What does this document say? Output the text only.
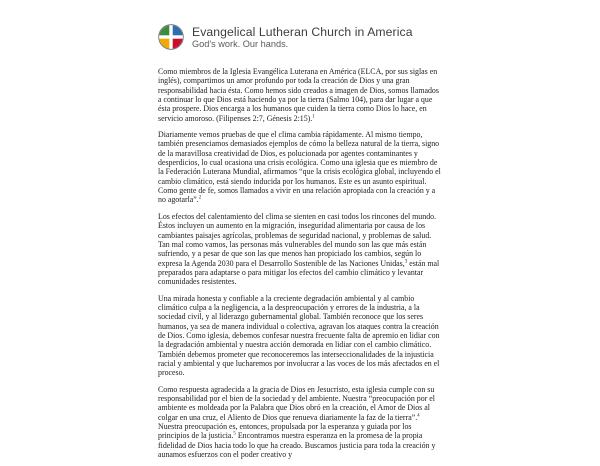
Evangelical Lutheran Church in America
God's work. Our hands.

Como miembros de la Iglesia Evangélica Luterana en América (ELCA, por sus siglas en inglés), compartimos un amor profundo por toda la creación de Dios y una gran responsabilidad hacia ésta. Como hemos sido creados a imagen de Dios, somos llamados a continuar lo que Dios está haciendo ya por la tierra (Salmo 104), para dar lugar a que ésta prospere. Dios encarga a los humanos que cuiden la tierra como Dios lo hace, en servicio amoroso. (Filipenses 2:7, Génesis 2:15).$^1$

Diariamente vemos pruebas de que el clima cambia rápidamente. Al mismo tiempo, también presenciamos demasiados ejemplos de cómo la belleza natural de la tierra, signo de la maravillosa creatividad de Dios, es polucionada por agentes contaminantes y desperdicios, lo cual ocasiona una crisis ecológica. Como una iglesia que es miembro de la Federación Luterana Mundial, afirmamos “que la crisis ecológica global, incluyendo el cambio climático, está siendo inducida por los humanos. Este es un asunto espiritual. Como gente de fe, somos llamados a vivir en una relación apropiada con la creación y a no agotarla”.$^2$

Los efectos del calentamiento del clima se sienten en casi todos los rincones del mundo. Éstos incluyen un aumento en la migración, inseguridad alimentaria por causa de los cambiantes paisajes agrícolas, problemas de seguridad nacional, y problemas de salud. Tan mal como vamos, las personas más vulnerables del mundo son las que más están sufriendo, y a pesar de que son las que menos han propiciado los cambios, según lo expresa la Agenda 2030 para el Desarrollo Sostenible de las Naciones Unidas,$^3$ están mal preparados para adaptarse o para mitigar los efectos del cambio climático y levantar comunidades resistentes.

Una mirada honesta y confiable a la creciente degradación ambiental y al cambio climático culpa a la negligencia, a la despreocupación y errores de la industria, a la sociedad civil, y al liderazgo gubernamental global. También reconoce que los seres humanos, ya sea de manera individual o colectiva, agravan los ataques contra la creación de Dios. Como iglesia, debemos confesar nuestra frecuente falta de apremio en lidiar con la degradación ambiental y nuestra acción demorada en lidiar con el cambio climático. También debemos prometer que reconoceremos las interseccionalidades de la injusticia racial y ambiental y que lucharemos por involucrar a las voces de los más afectados en el proceso.

Como respuesta agradecida a la gracia de Dios en Jesucristo, esta iglesia cumple con su responsabilidad por el bien de la sociedad y del ambiente. Nuestra “preocupación por el ambiente es moldeada por la Palabra que Dios obró en la creación, el Amor de Dios al colgar en una cruz, el Aliento de Dios que renueva diariamente la faz de la tierra”.$^4$ Nuestra preocupación es, entonces, propulsada por la esperanza y guiada por los principios de la justicia.$^5$ Encontramos nuestra esperanza en la promesa de la propia fidelidad de Dios hacia todo lo que ha creado. Buscamos justicia para toda la creación y aunamos esfuerzos con el poder creativo y
